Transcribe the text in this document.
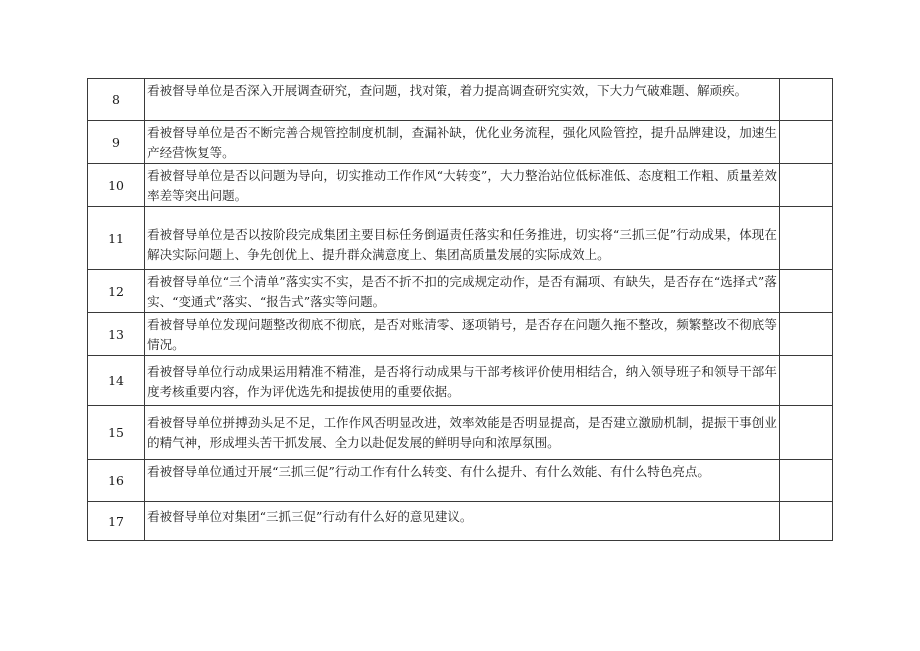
8	看被督导单位是否深入开展调查研究，查问题，找对策，着力提高调查研究实效，下大力气破难题、解顽疾。	
9	看被督导单位是否不断完善合规管控制度机制，查漏补缺，优化业务流程，强化风险管控，提升品牌建设，加速生产经营恢复等。	
10	看被督导单位是否以问题为导向，切实推动工作作风“大转变”，大力整治站位低标准低、态度粗工作粗、质量差效率差等突出问题。	
11	看被督导单位是否以按阶段完成集团主要目标任务倒逼责任落实和任务推进，切实将“三抓三促”行动成果，体现在解决实际问题上、争先创优上、提升群众满意度上、集团高质量发展的实际成效上。	
12	看被督导单位“三个清单”落实实不实，是否不折不扣的完成规定动作，是否有漏项、有缺失，是否存在“选择式”落实、“变通式”落实、“报告式”落实等问题。	
13	看被督导单位发现问题整改彻底不彻底，是否对账清零、逐项销号，是否存在问题久拖不整改，频繁整改不彻底等情况。	
14	看被督导单位行动成果运用精准不精准，是否将行动成果与干部考核评价使用相结合，纳入领导班子和领导干部年度考核重要内容，作为评优选先和提拔使用的重要依据。	
15	看被督导单位拼搏劲头足不足，工作作风否明显改进，效率效能是否明显提高，是否建立激励机制，提振干事创业的精气神，形成埋头苦干抓发展、全力以赴促发展的鲜明导向和浓厚氛围。	
16	看被督导单位通过开展“三抓三促”行动工作有什么转变、有什么提升、有什么效能、有什么特色亮点。	
17	看被督导单位对集团“三抓三促”行动有什么好的意见建议。	
